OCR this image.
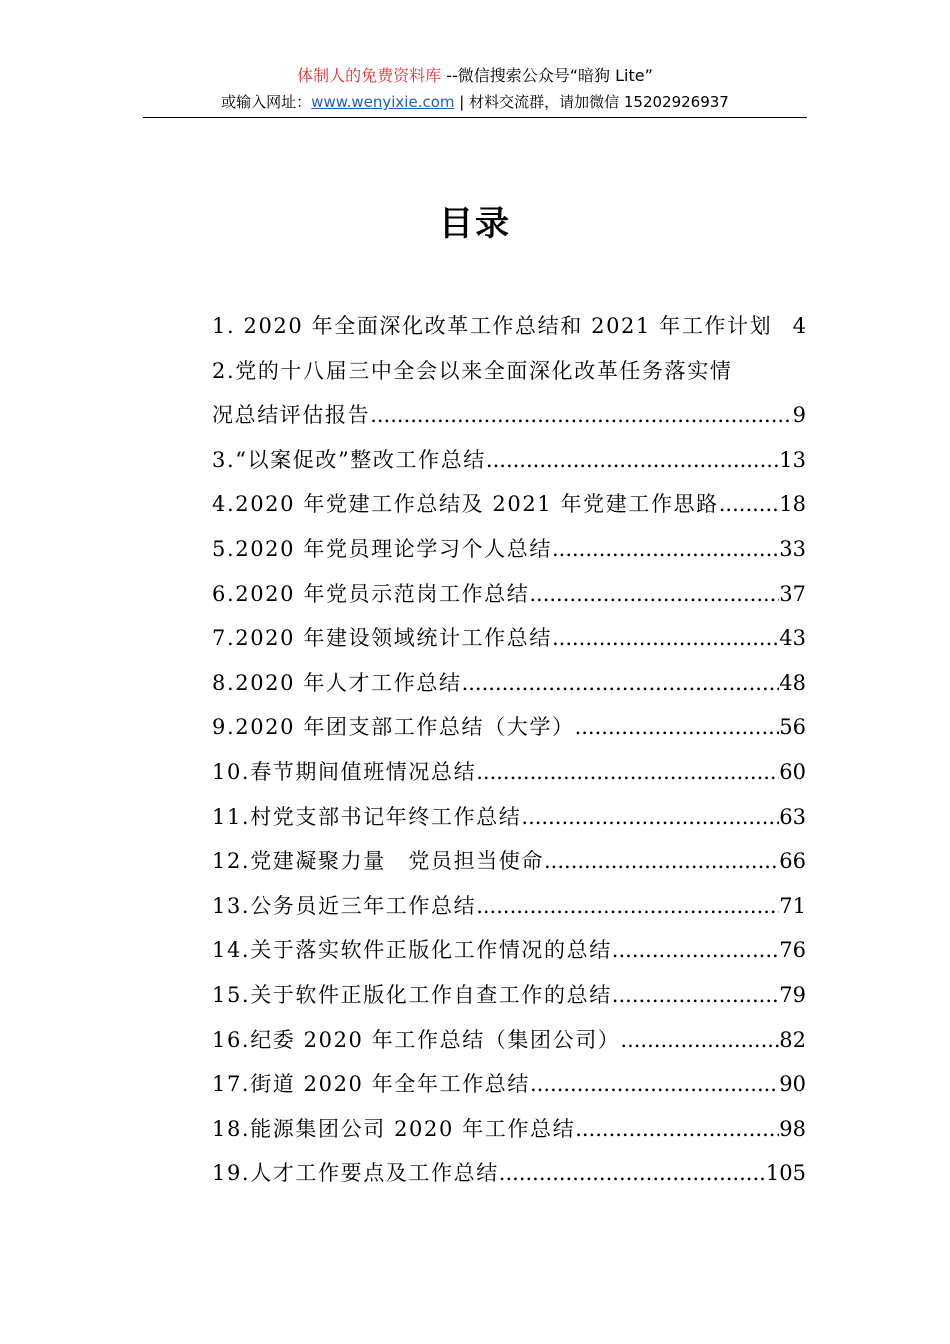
体制人的免费资料库 --微信搜索公众号“暗狗 Lite”
或输入网址：www.wenyixie.com | 材料交流群，请加微信 15202926937
目录
1. 2020 年全面深化改革工作总结和 2021 年工作计划 4
2.党的十八届三中全会以来全面深化改革任务落实情
况总结评估报告 .....	9
3.“以案促改”整改工作总结 .....	13
4.2020 年党建工作总结及 2021 年党建工作思路 .....	18
5.2020 年党员理论学习个人总结 .....	33
6.2020 年党员示范岗工作总结 .....	37
7.2020 年建设领域统计工作总结 .....	43
8.2020 年人才工作总结 .....	48
9.2020 年团支部工作总结（大学） .....	56
10.春节期间值班情况总结 .....	60
11.村党支部书记年终工作总结 .....	63
12.党建凝聚力量　党员担当使命 .....	66
13.公务员近三年工作总结 .....	71
14.关于落实软件正版化工作情况的总结 .....	76
15.关于软件正版化工作自查工作的总结 .....	79
16.纪委 2020 年工作总结（集团公司） .....	82
17.街道 2020 年全年工作总结 .....	90
18.能源集团公司 2020 年工作总结 .....	98
19.人才工作要点及工作总结 .....	105
